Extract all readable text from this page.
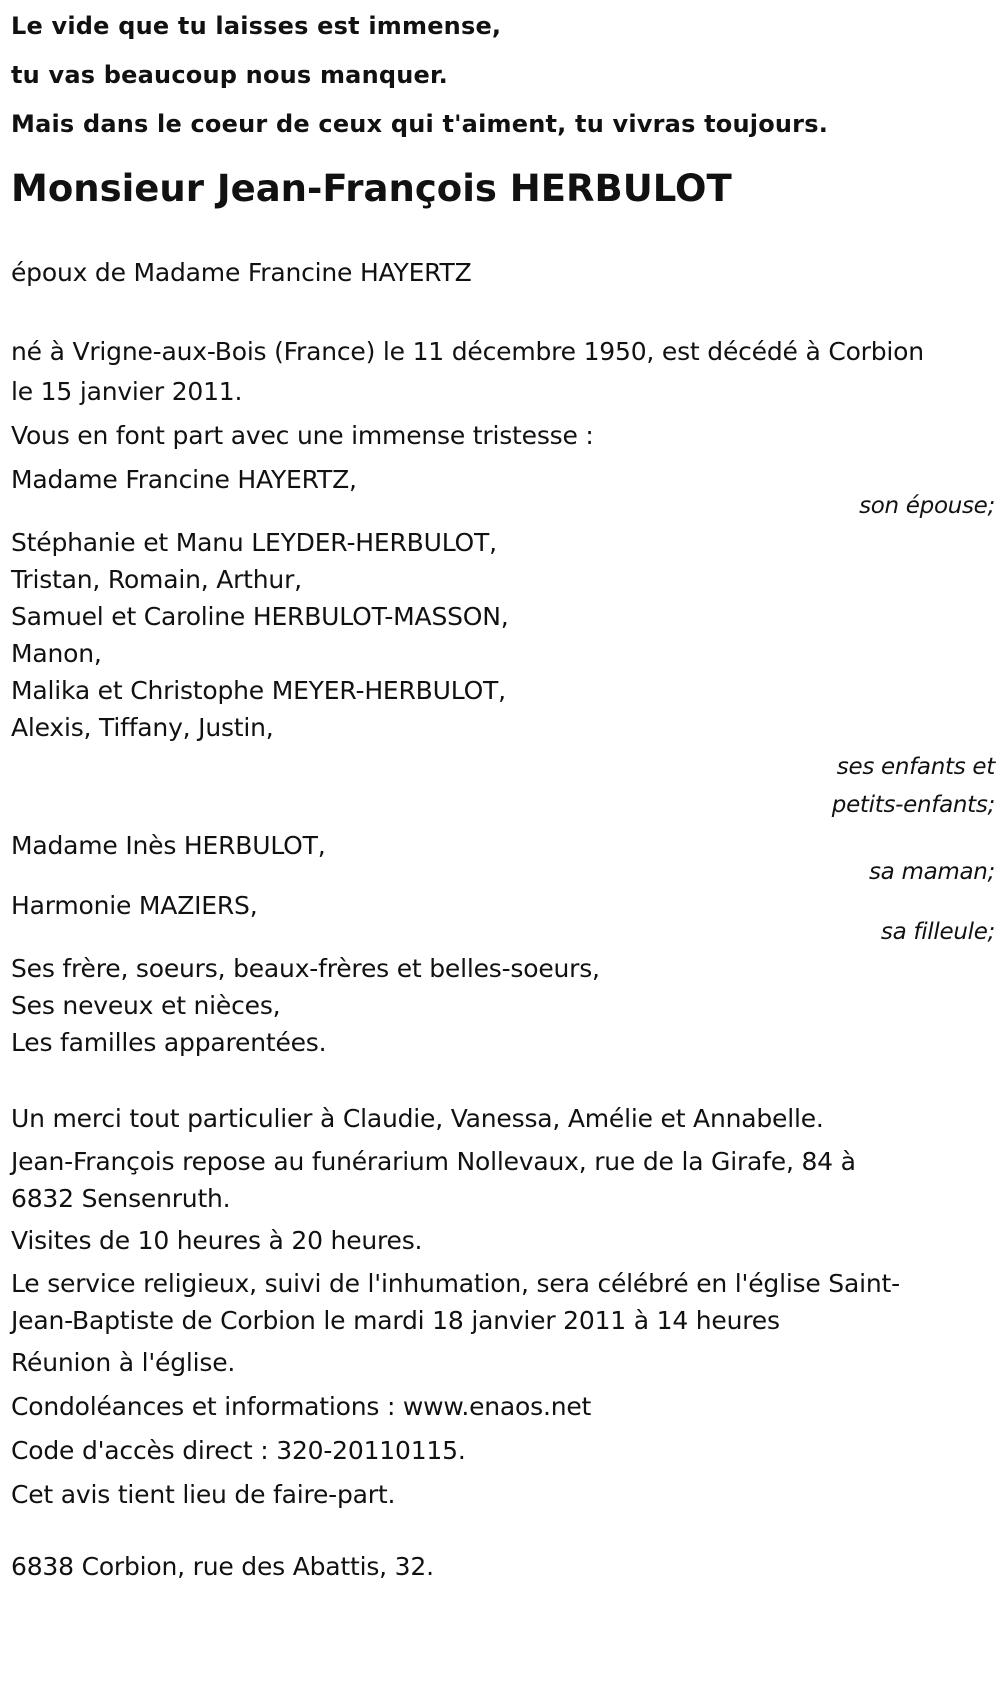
Le vide que tu laisses est immense,
tu vas beaucoup nous manquer.
Mais dans le coeur de ceux qui t'aiment, tu vivras toujours.
Monsieur Jean-François HERBULOT
époux de Madame Francine HAYERTZ
né à Vrigne-aux-Bois (France) le 11 décembre 1950, est décédé à Corbion
le 15 janvier 2011.
Vous en font part avec une immense tristesse :
Madame Francine HAYERTZ,
son épouse;
Stéphanie et Manu LEYDER-HERBULOT,
Tristan, Romain, Arthur,
Samuel et Caroline HERBULOT-MASSON,
Manon,
Malika et Christophe MEYER-HERBULOT,
Alexis, Tiffany, Justin,
ses enfants et
petits-enfants;
Madame Inès HERBULOT,
sa maman;
Harmonie MAZIERS,
sa filleule;
Ses frère, soeurs, beaux-frères et belles-soeurs,
Ses neveux et nièces,
Les familles apparentées.
Un merci tout particulier à Claudie, Vanessa, Amélie et Annabelle.
Jean-François repose au funérarium Nollevaux, rue de la Girafe, 84 à
6832 Sensenruth.
Visites de 10 heures à 20 heures.
Le service religieux, suivi de l'inhumation, sera célébré en l'église Saint-
Jean-Baptiste de Corbion le mardi 18 janvier 2011 à 14 heures
Réunion à l'église.
Condoléances et informations : www.enaos.net
Code d'accès direct : 320-20110115.
Cet avis tient lieu de faire-part.
6838 Corbion, rue des Abattis, 32.
